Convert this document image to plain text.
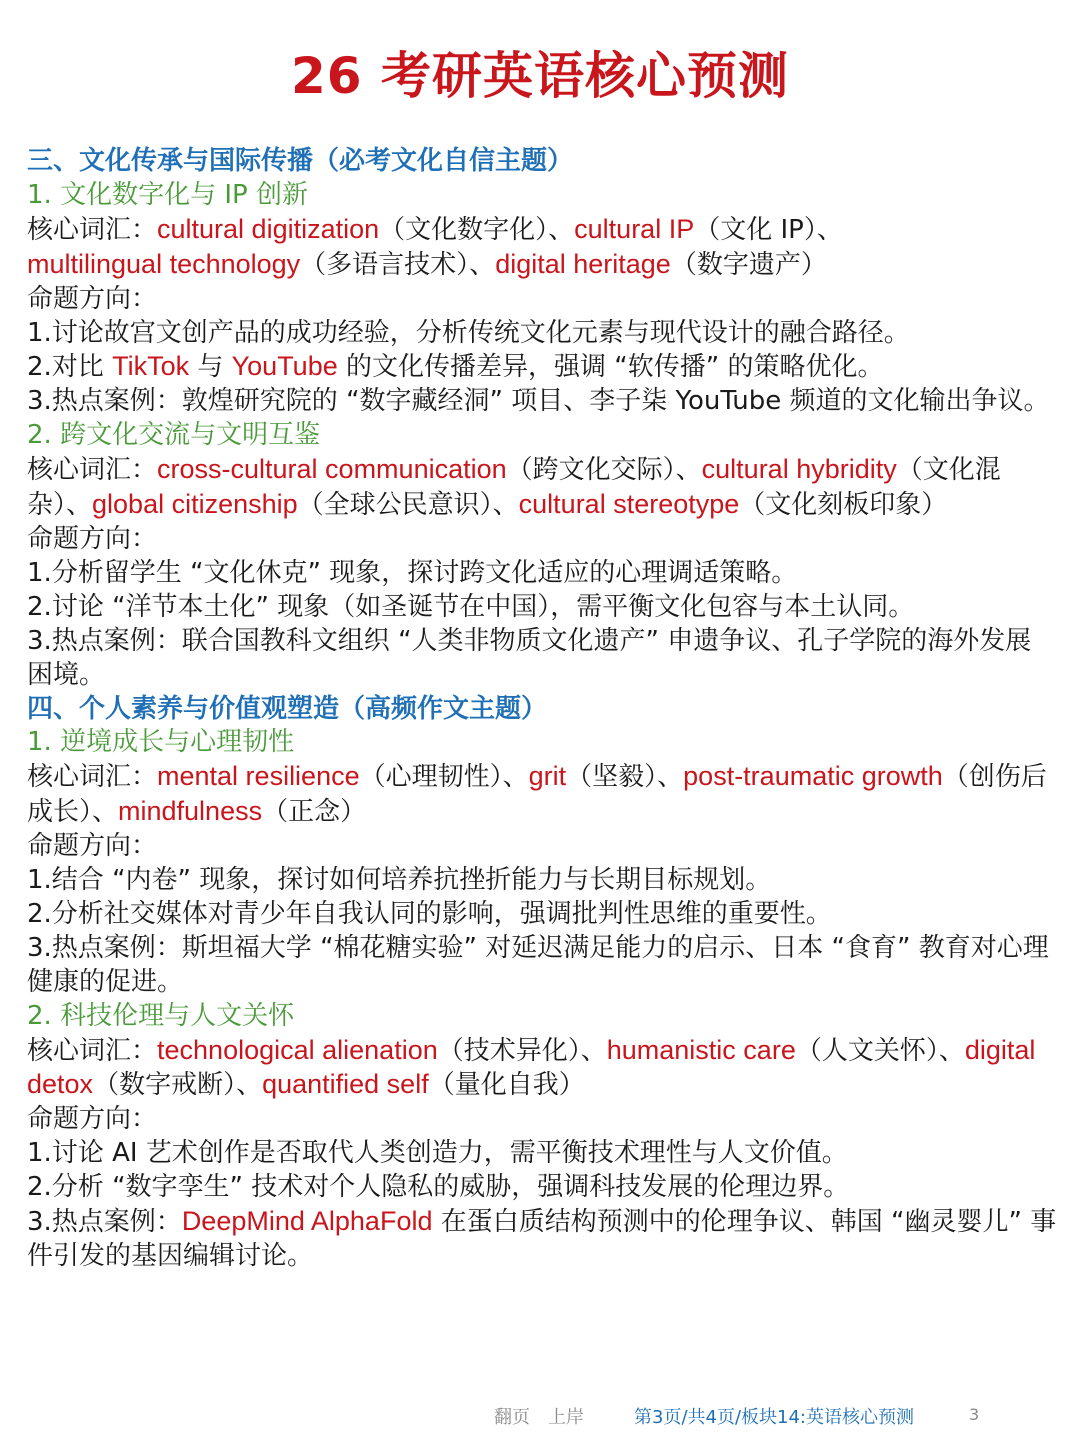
26 考研英语核心预测
三、文化传承与国际传播（必考文化自信主题）
1. 文化数字化与 IP 创新
核心词汇：cultural digitization（文化数字化）、cultural IP（文化 IP）、
multilingual technology（多语言技术）、digital heritage（数字遗产）
命题方向：
1.讨论故宫文创产品的成功经验，分析传统文化元素与现代设计的融合路径。
2.对比 TikTok 与 YouTube 的文化传播差异，强调 “软传播” 的策略优化。
3.热点案例：敦煌研究院的 “数字藏经洞” 项目、李子柒 YouTube 频道的文化输出争议。
2. 跨文化交流与文明互鉴
核心词汇：cross-cultural communication（跨文化交际）、cultural hybridity（文化混杂）、global citizenship（全球公民意识）、cultural stereotype（文化刻板印象）
命题方向：
1.分析留学生 “文化休克” 现象，探讨跨文化适应的心理调适策略。
2.讨论 “洋节本土化” 现象（如圣诞节在中国），需平衡文化包容与本土认同。
3.热点案例：联合国教科文组织 “人类非物质文化遗产” 申遗争议、孔子学院的海外发展困境。
四、个人素养与价值观塑造（高频作文主题）
1. 逆境成长与心理韧性
核心词汇：mental resilience（心理韧性）、grit（坚毅）、post-traumatic growth（创伤后成长）、mindfulness（正念）
命题方向：
1.结合 “内卷” 现象，探讨如何培养抗挫折能力与长期目标规划。
2.分析社交媒体对青少年自我认同的影响，强调批判性思维的重要性。
3.热点案例：斯坦福大学 “棉花糖实验” 对延迟满足能力的启示、日本 “食育” 教育对心理健康的促进。
2. 科技伦理与人文关怀
核心词汇：technological alienation（技术异化）、humanistic care（人文关怀）、digital detox（数字戒断）、quantified self（量化自我）
命题方向：
1.讨论 AI 艺术创作是否取代人类创造力，需平衡技术理性与人文价值。
2.分析 “数字孪生” 技术对个人隐私的威胁，强调科技发展的伦理边界。
3.热点案例：DeepMind AlphaFold 在蛋白质结构预测中的伦理争议、韩国 “幽灵婴儿” 事件引发的基因编辑讨论。
翻页 上岸	第3页/共4页/板块14:英语核心预测	3
